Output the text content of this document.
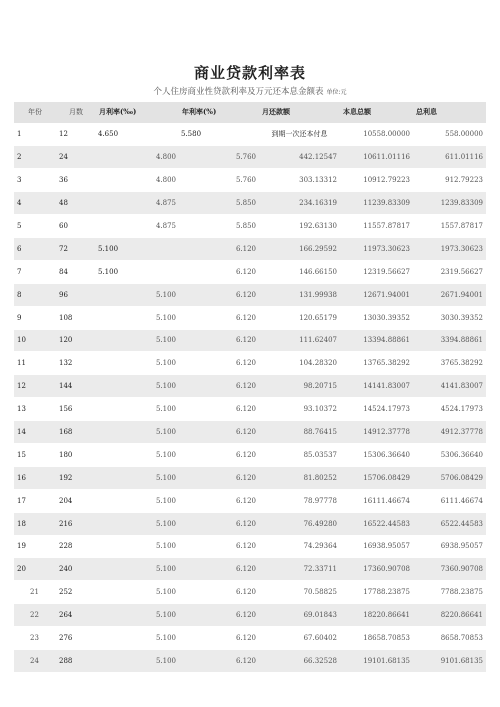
商业贷款利率表
个人住房商业性贷款利率及万元还本息金额表 单位:元
年份	月数	月利率(‰)	年利率(%)	月还款额	本息总额	总利息
1	12	4.650	5.580	到期一次还本付息	10558.00000	558.00000
2	24	4.800	5.760	442.12547	10611.01116	611.01116
3	36	4.800	5.760	303.13312	10912.79223	912.79223
4	48	4.875	5.850	234.16319	11239.83309	1239.83309
5	60	4.875	5.850	192.63130	11557.87817	1557.87817
6	72	5.100	6.120	166.29592	11973.30623	1973.30623
7	84	5.100	6.120	146.66150	12319.56627	2319.56627
8	96	5.100	6.120	131.99938	12671.94001	2671.94001
9	108	5.100	6.120	120.65179	13030.39352	3030.39352
10	120	5.100	6.120	111.62407	13394.88861	3394.88861
11	132	5.100	6.120	104.28320	13765.38292	3765.38292
12	144	5.100	6.120	98.20715	14141.83007	4141.83007
13	156	5.100	6.120	93.10372	14524.17973	4524.17973
14	168	5.100	6.120	88.76415	14912.37778	4912.37778
15	180	5.100	6.120	85.03537	15306.36640	5306.36640
16	192	5.100	6.120	81.80252	15706.08429	5706.08429
17	204	5.100	6.120	78.97778	16111.46674	6111.46674
18	216	5.100	6.120	76.49280	16522.44583	6522.44583
19	228	5.100	6.120	74.29364	16938.95057	6938.95057
20	240	5.100	6.120	72.33711	17360.90708	7360.90708
21	252	5.100	6.120	70.58825	17788.23875	7788.23875
22	264	5.100	6.120	69.01843	18220.86641	8220.86641
23	276	5.100	6.120	67.60402	18658.70853	8658.70853
24	288	5.100	6.120	66.32528	19101.68135	9101.68135
